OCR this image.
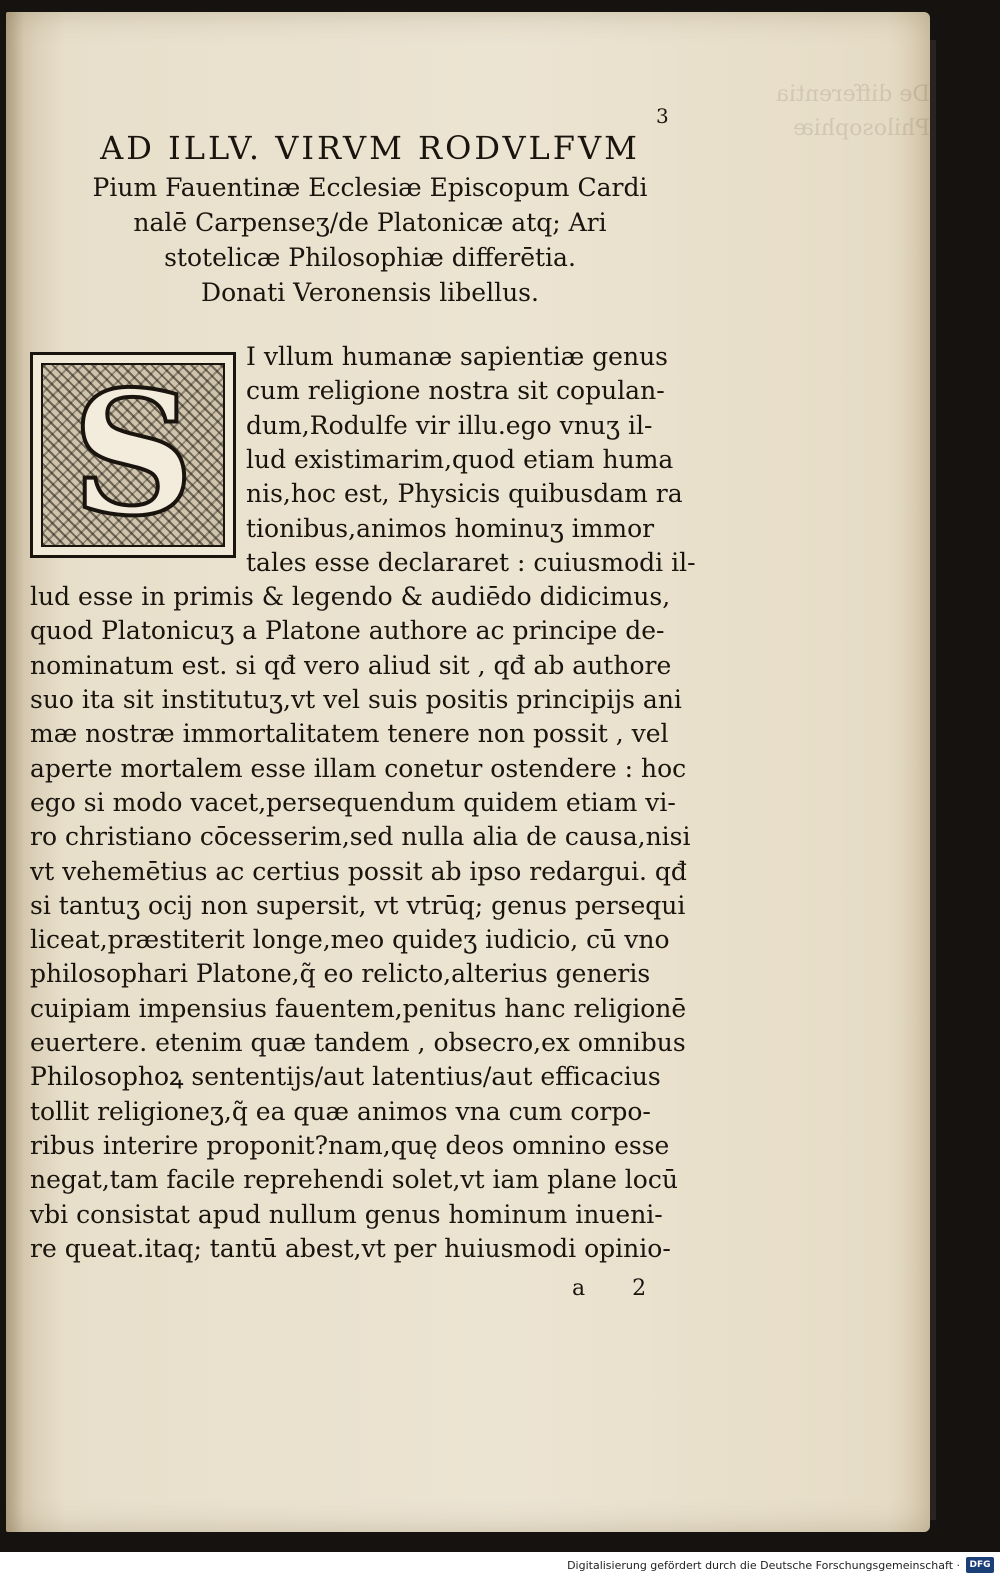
De differentia Philosophiæ
3
AD ILLV. VIRVM RODVLFVM
Pium Fauentinæ Ecclesiæ Episcopum Cardi
nalē Carpenseʒ/de Platonicæ atq; Ari
stotelicæ Philosophiæ differētia.
Donati Veronensis libellus.
S	I vllum humanæ sapientiæ genus
cum religione nostra sit copulan-
dum,Rodulfe vir illu.ego vnuʒ il-
lud existimarim,quod etiam huma
nis,hoc est, Physicis quibusdam ra
tionibus,animos hominuʒ immor
tales esse declararet : cuiusmodi il-
lud esse in primis & legendo & audiēdo didicimus,
quod Platonicuʒ a Platone authore ac principe de-
nominatum est. si qđ vero aliud sit , qđ ab authore
suo ita sit institutuʒ,vt vel suis positis principijs ani
mæ nostræ immortalitatem tenere non possit , vel
aperte mortalem esse illam conetur ostendere : hoc
ego si modo vacet,persequendum quidem etiam vi-
ro christiano cōcesserim,sed nulla alia de causa,nisi
vt vehemētius ac certius possit ab ipso redargui. qđ
si tantuʒ ocij non supersit, vt vtrūq; genus persequi
liceat,præstiterit longe,meo quideʒ iudicio, cū vno
philosophari Platone,q̃ eo relicto,alterius generis
cuipiam impensius fauentem,penitus hanc religionē
euertere. etenim quæ tandem , obsecro,ex omnibus
Philosophoꝝ sententijs/aut latentius/aut efficacius
tollit religioneʒ,q̃ ea quæ animos vna cum corpo-
ribus interire proponit?nam,quę deos omnino esse
negat,tam facile reprehendi solet,vt iam plane locū
vbi consistat apud nullum genus hominum inueni-
re queat.itaq; tantū abest,vt per huiusmodi opinio-
a 2
Digitalisierung gefördert durch die Deutsche Forschungsgemeinschaft ·	DFG
